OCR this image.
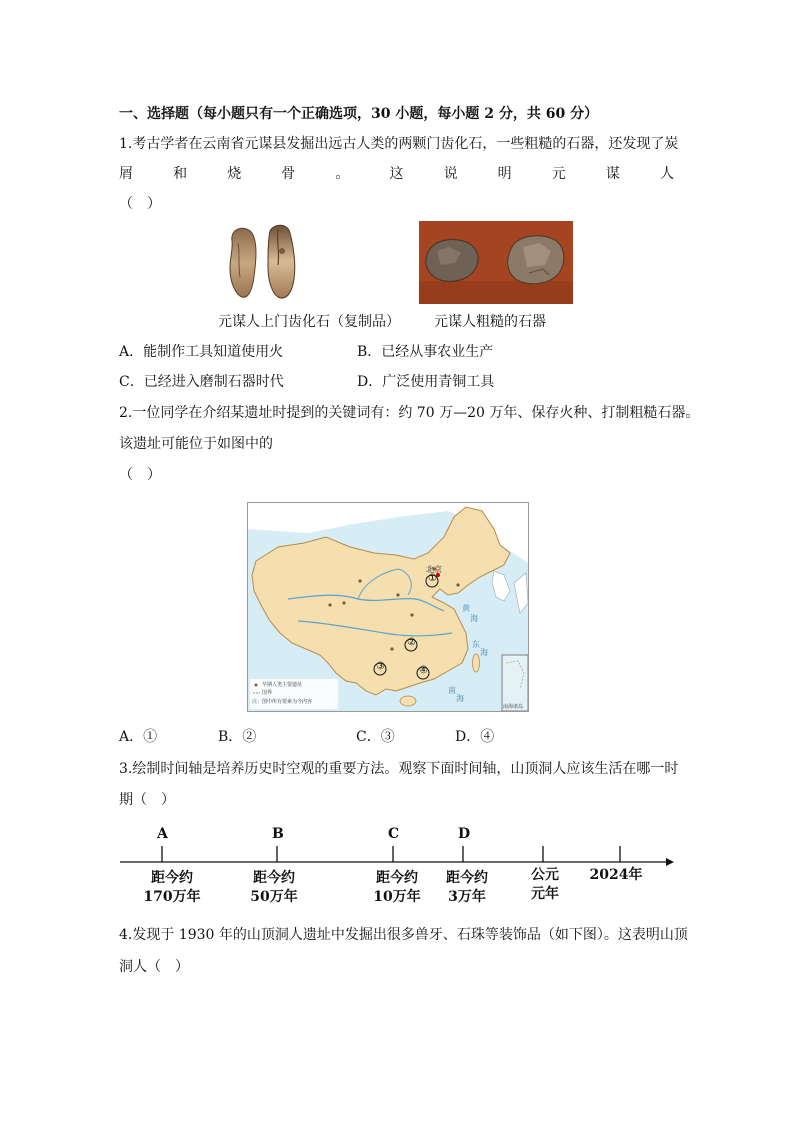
一、选择题（每小题只有一个正确选项，30 小题，每小题 2 分，共 60 分）
1.考古学者在云南省元谋县发掘出远古人类的两颗门齿化石，一些粗糙的石器，还发现了炭
屑	和	烧	骨	。	这	说	明	元	谋	人
（　）
元谋人上门齿化石（复制品） 元谋人粗糙的石器
A．能制作工具知道使用火	B．已经从事农业生产
C．已经进入磨制石器时代	D．广泛使用青铜工具
2.一位同学在介绍某遗址时提到的关键词有：约 70 万—20 万年、保存火种、打制粗糙石器。
该遗址可能位于如图中的
（　）
北京
①
②
③	④
黄
海
东
海
南
海
早期人类主要遗址
国界
注：图中所有要素为今内容
南海诸岛
A．①	B．②	C．③	D．④
3.绘制时间轴是培养历史时空观的重要方法。观察下面时间轴，山顶洞人应该生活在哪一时
期（　）
A	B	C	D
距今约
170万年
距今约
50万年
距今约
10万年
距今约
3万年
公元
元年
2024年
4.发现于 1930 年的山顶洞人遗址中发掘出很多兽牙、石珠等装饰品（如下图）。这表明山顶
洞人（　）
